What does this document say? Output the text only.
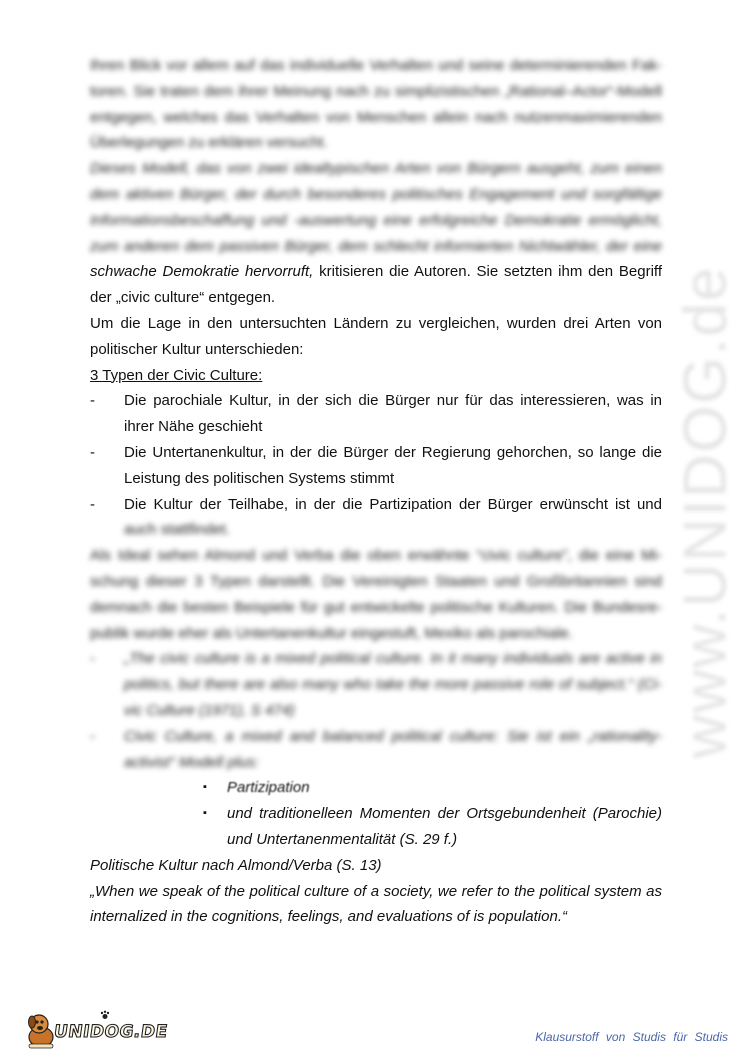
www.UNIDOG.de
Ihren Blick vor allem auf das individuelle Verhalten und seine determinierenden Fak-
toren. Sie traten dem ihrer Meinung nach zu simplizistischen „Rational–Actor“-Modell
entgegen, welches das Verhalten von Menschen allein nach nutzenmaximierenden
Überlegungen zu erklären versucht.
Dieses Modell, das von zwei idealtypischen Arten von Bürgern ausgeht, zum einen
dem aktiven Bürger, der durch besonderes politisches Engagement und sorgfältige
Informationsbeschaffung und -auswertung eine erfolgreiche Demokratie ermöglicht,
zum anderen dem passiven Bürger, dem schlecht informierten Nichtwähler, der eine
schwache Demokratie hervorruft, kritisieren die Autoren. Sie setzten ihm den Begriff
der „civic culture“ entgegen.
Um die Lage in den untersuchten Ländern zu vergleichen, wurden drei Arten von
politischer Kultur unterschieden:
3 Typen der Civic Culture:
- Die parochiale Kultur, in der sich die Bürger nur für das interessieren, was in
ihrer Nähe geschieht
- Die Untertanenkultur, in der die Bürger der Regierung gehorchen, so lange die
Leistung des politischen Systems stimmt
- Die Kultur der Teilhabe, in der die Partizipation der Bürger erwünscht ist und
auch stattfindet.
Als Ideal sehen Almond und Verba die oben erwähnte “civic culture”, die eine Mi-
schung dieser 3 Typen darstellt. Die Vereinigten Staaten und Großbritannien sind
demnach die besten Beispiele für gut entwickelte politische Kulturen. Die Bundesre-
publik wurde eher als Untertanenkultur eingestuft, Mexiko als parochiale.
- „The civic culture is a mixed political culture. In it many individuals are active in
politics, but there are also many who take the more passive role of subject.“ (Ci-
vic Culture (1971), S 474)
- Civic Culture, a mixed and balanced political culture: Sie ist ein „rationality-
activist“ Modell plus:
▪ Partizipation
▪ und traditionelleen Momenten der Ortsgebundenheit (Parochie)
und Untertanenmentalität (S. 29 f.)
Politische Kultur nach Almond/Verba (S. 13)
„When we speak of the political culture of a society, we refer to the political system as
internalized in the cognitions, feelings, and evaluations of is population.“
UNIDOG.DE	Klausurstoff von Studis für Studis
